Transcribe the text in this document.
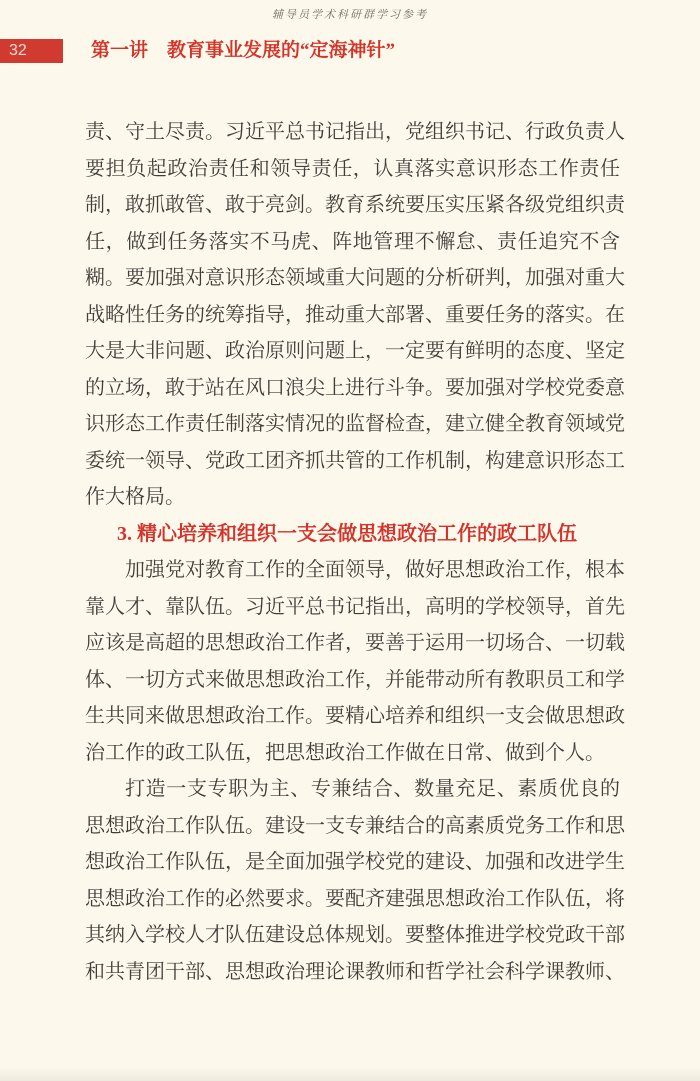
辅导员学术科研群学习参考
32	第一讲　教育事业发展的“定海神针”
责、守土尽责。习近平总书记指出，党组织书记、行政负责人
要担负起政治责任和领导责任，认真落实意识形态工作责任
制，敢抓敢管、敢于亮剑。教育系统要压实压紧各级党组织责
任，做到任务落实不马虎、阵地管理不懈怠、责任追究不含
糊。要加强对意识形态领域重大问题的分析研判，加强对重大
战略性任务的统筹指导，推动重大部署、重要任务的落实。在
大是大非问题、政治原则问题上，一定要有鲜明的态度、坚定
的立场，敢于站在风口浪尖上进行斗争。要加强对学校党委意
识形态工作责任制落实情况的监督检查，建立健全教育领域党
委统一领导、党政工团齐抓共管的工作机制，构建意识形态工
作大格局。
3. 精心培养和组织一支会做思想政治工作的政工队伍
加强党对教育工作的全面领导，做好思想政治工作，根本
靠人才、靠队伍。习近平总书记指出，高明的学校领导，首先
应该是高超的思想政治工作者，要善于运用一切场合、一切载
体、一切方式来做思想政治工作，并能带动所有教职员工和学
生共同来做思想政治工作。要精心培养和组织一支会做思想政
治工作的政工队伍，把思想政治工作做在日常、做到个人。
打造一支专职为主、专兼结合、数量充足、素质优良的
思想政治工作队伍。建设一支专兼结合的高素质党务工作和思
想政治工作队伍，是全面加强学校党的建设、加强和改进学生
思想政治工作的必然要求。要配齐建强思想政治工作队伍，将
其纳入学校人才队伍建设总体规划。要整体推进学校党政干部
和共青团干部、思想政治理论课教师和哲学社会科学课教师、
